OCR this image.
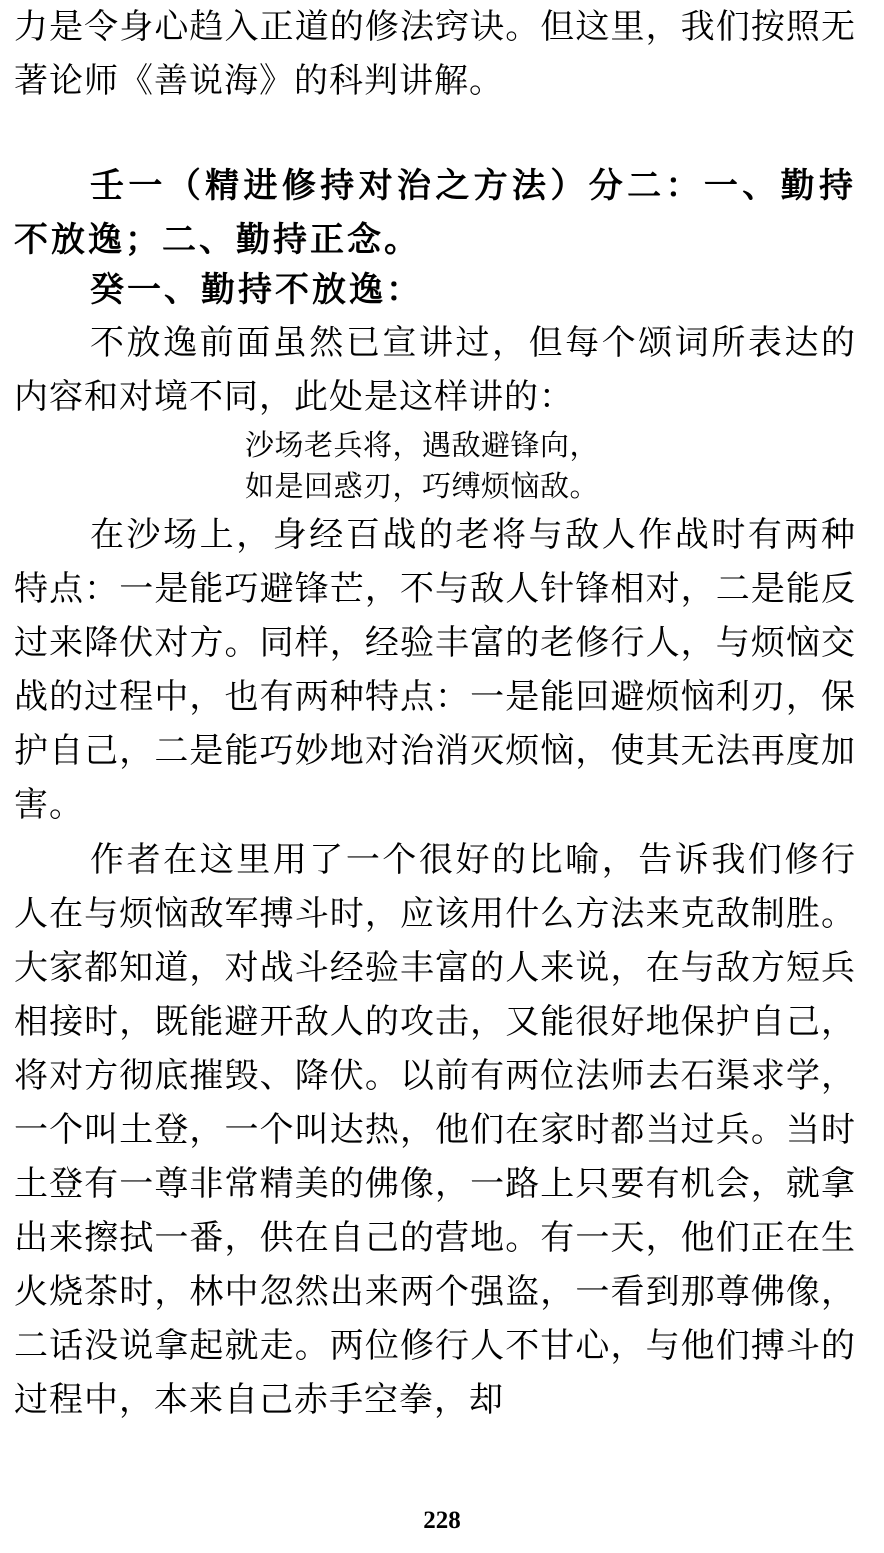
力是令身心趋入正道的修法窍诀。但这里，我们按照无著论师《善说海》的科判讲解。

壬一（精进修持对治之方法）分二：一、勤持不放逸；二、勤持正念。

癸一、勤持不放逸：

不放逸前面虽然已宣讲过，但每个颂词所表达的内容和对境不同，此处是这样讲的：

沙场老兵将，遇敌避锋向，
如是回惑刃，巧缚烦恼敌。

在沙场上，身经百战的老将与敌人作战时有两种特点：一是能巧避锋芒，不与敌人针锋相对，二是能反过来降伏对方。同样，经验丰富的老修行人，与烦恼交战的过程中，也有两种特点：一是能回避烦恼利刃，保护自己，二是能巧妙地对治消灭烦恼，使其无法再度加害。

作者在这里用了一个很好的比喻，告诉我们修行人在与烦恼敌军搏斗时，应该用什么方法来克敌制胜。大家都知道，对战斗经验丰富的人来说，在与敌方短兵相接时，既能避开敌人的攻击，又能很好地保护自己，将对方彻底摧毁、降伏。以前有两位法师去石渠求学，一个叫土登，一个叫达热，他们在家时都当过兵。当时土登有一尊非常精美的佛像，一路上只要有机会，就拿出来擦拭一番，供在自己的营地。有一天，他们正在生火烧茶时，林中忽然出来两个强盗，一看到那尊佛像，二话没说拿起就走。两位修行人不甘心，与他们搏斗的过程中，本来自己赤手空拳，却

228
